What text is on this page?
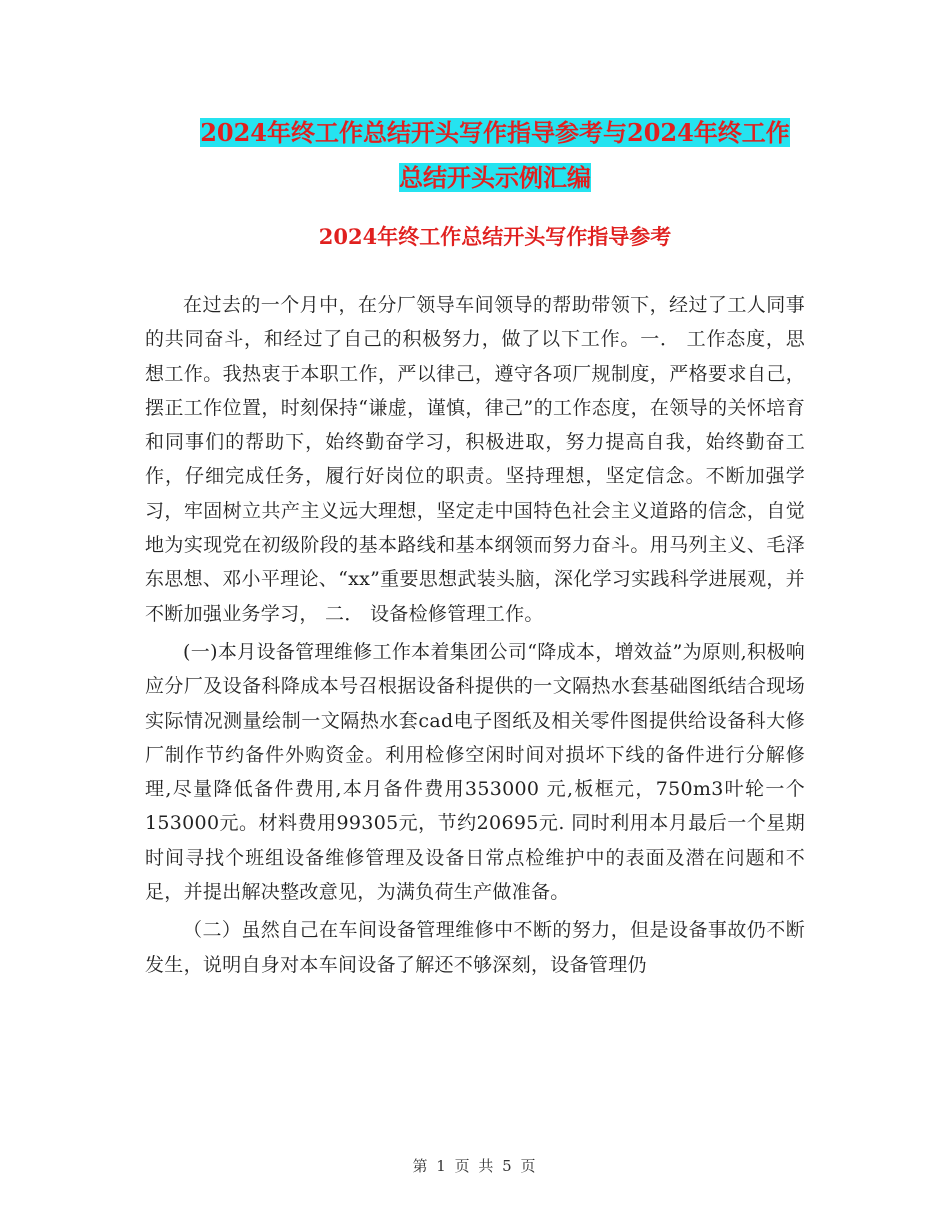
2024年终工作总结开头写作指导参考与2024年终工作
总结开头示例汇编
2024年终工作总结开头写作指导参考

在过去的一个月中，在分厂领导车间领导的帮助带领下，经过了工人同事的共同奋斗，和经过了自己的积极努力，做了以下工作。一． 工作态度，思想工作。我热衷于本职工作，严以律己，遵守各项厂规制度，严格要求自己，摆正工作位置，时刻保持“谦虚，谨慎，律己”的工作态度，在领导的关怀培育和同事们的帮助下，始终勤奋学习，积极进取，努力提高自我，始终勤奋工作，仔细完成任务，履行好岗位的职责。坚持理想，坚定信念。不断加强学习，牢固树立共产主义远大理想，坚定走中国特色社会主义道路的信念，自觉地为实现党在初级阶段的基本路线和基本纲领而努力奋斗。用马列主义、毛泽东思想、邓小平理论、“xx”重要思想武装头脑，深化学习实践科学进展观，并不断加强业务学习， 二． 设备检修管理工作。

(一)本月设备管理维修工作本着集团公司“降成本，增效益”为原则,积极响应分厂及设备科降成本号召根据设备科提供的一文隔热水套基础图纸结合现场实际情况测量绘制一文隔热水套cad电子图纸及相关零件图提供给设备科大修厂制作节约备件外购资金。利用检修空闲时间对损坏下线的备件进行分解修理,尽量降低备件费用,本月备件费用353000 元,板框元，750m3叶轮一个153000元。材料费用99305元，节约20695元. 同时利用本月最后一个星期时间寻找个班组设备维修管理及设备日常点检维护中的表面及潜在问题和不足，并提出解决整改意见，为满负荷生产做准备。

（二）虽然自己在车间设备管理维修中不断的努力，但是设备事故仍不断发生，说明自身对本车间设备了解还不够深刻，设备管理仍

第 1 页 共 5 页
